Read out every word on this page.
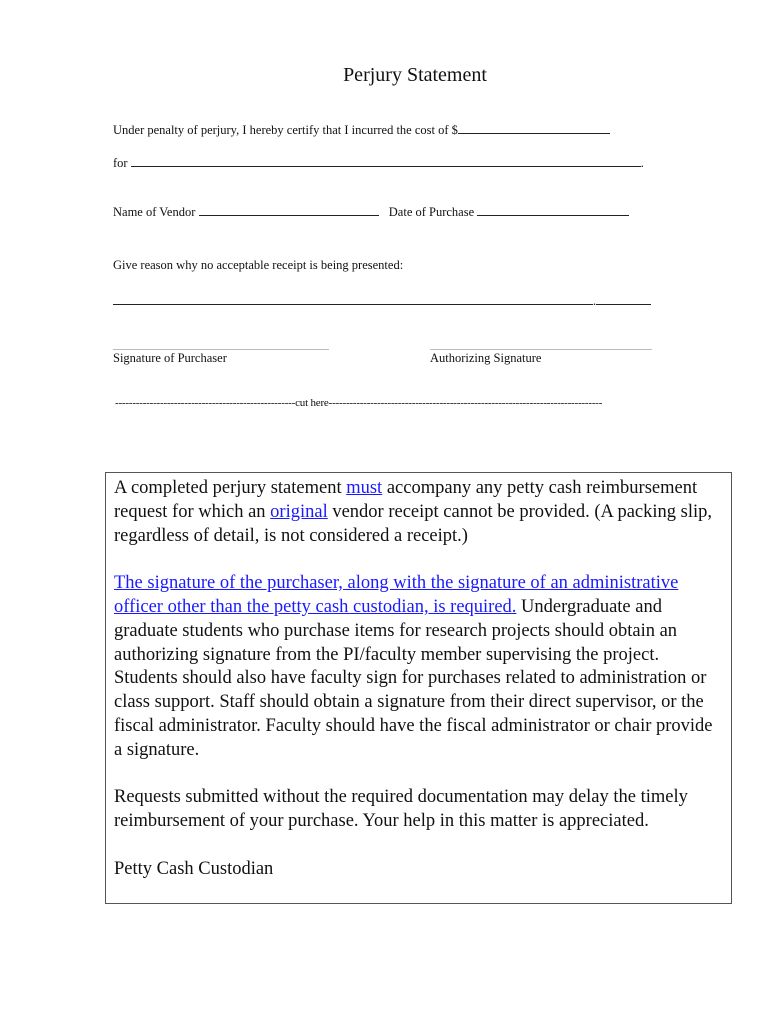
Perjury Statement
Under penalty of perjury, I hereby certify that I incurred the cost of $
for	.
Name of Vendor	Date of Purchase
Give reason why no acceptable receipt is being presented:
.
Signature of Purchaser	Authorizing Signature
----------------------------------------------------cut here-------------------------------------------------------------------------------

A completed perjury statement must accompany any petty cash reimbursement request for which an original vendor receipt cannot be provided. (A packing slip, regardless of detail, is not considered a receipt.)

The signature of the purchaser, along with the signature of an administrative officer other than the petty cash custodian, is required. Undergraduate and graduate students who purchase items for research projects should obtain an authorizing signature from the PI/faculty member supervising the project. Students should also have faculty sign for purchases related to administration or class support. Staff should obtain a signature from their direct supervisor, or the fiscal administrator. Faculty should have the fiscal administrator or chair provide a signature.

Requests submitted without the required documentation may delay the timely reimbursement of your purchase. Your help in this matter is appreciated.

Petty Cash Custodian
